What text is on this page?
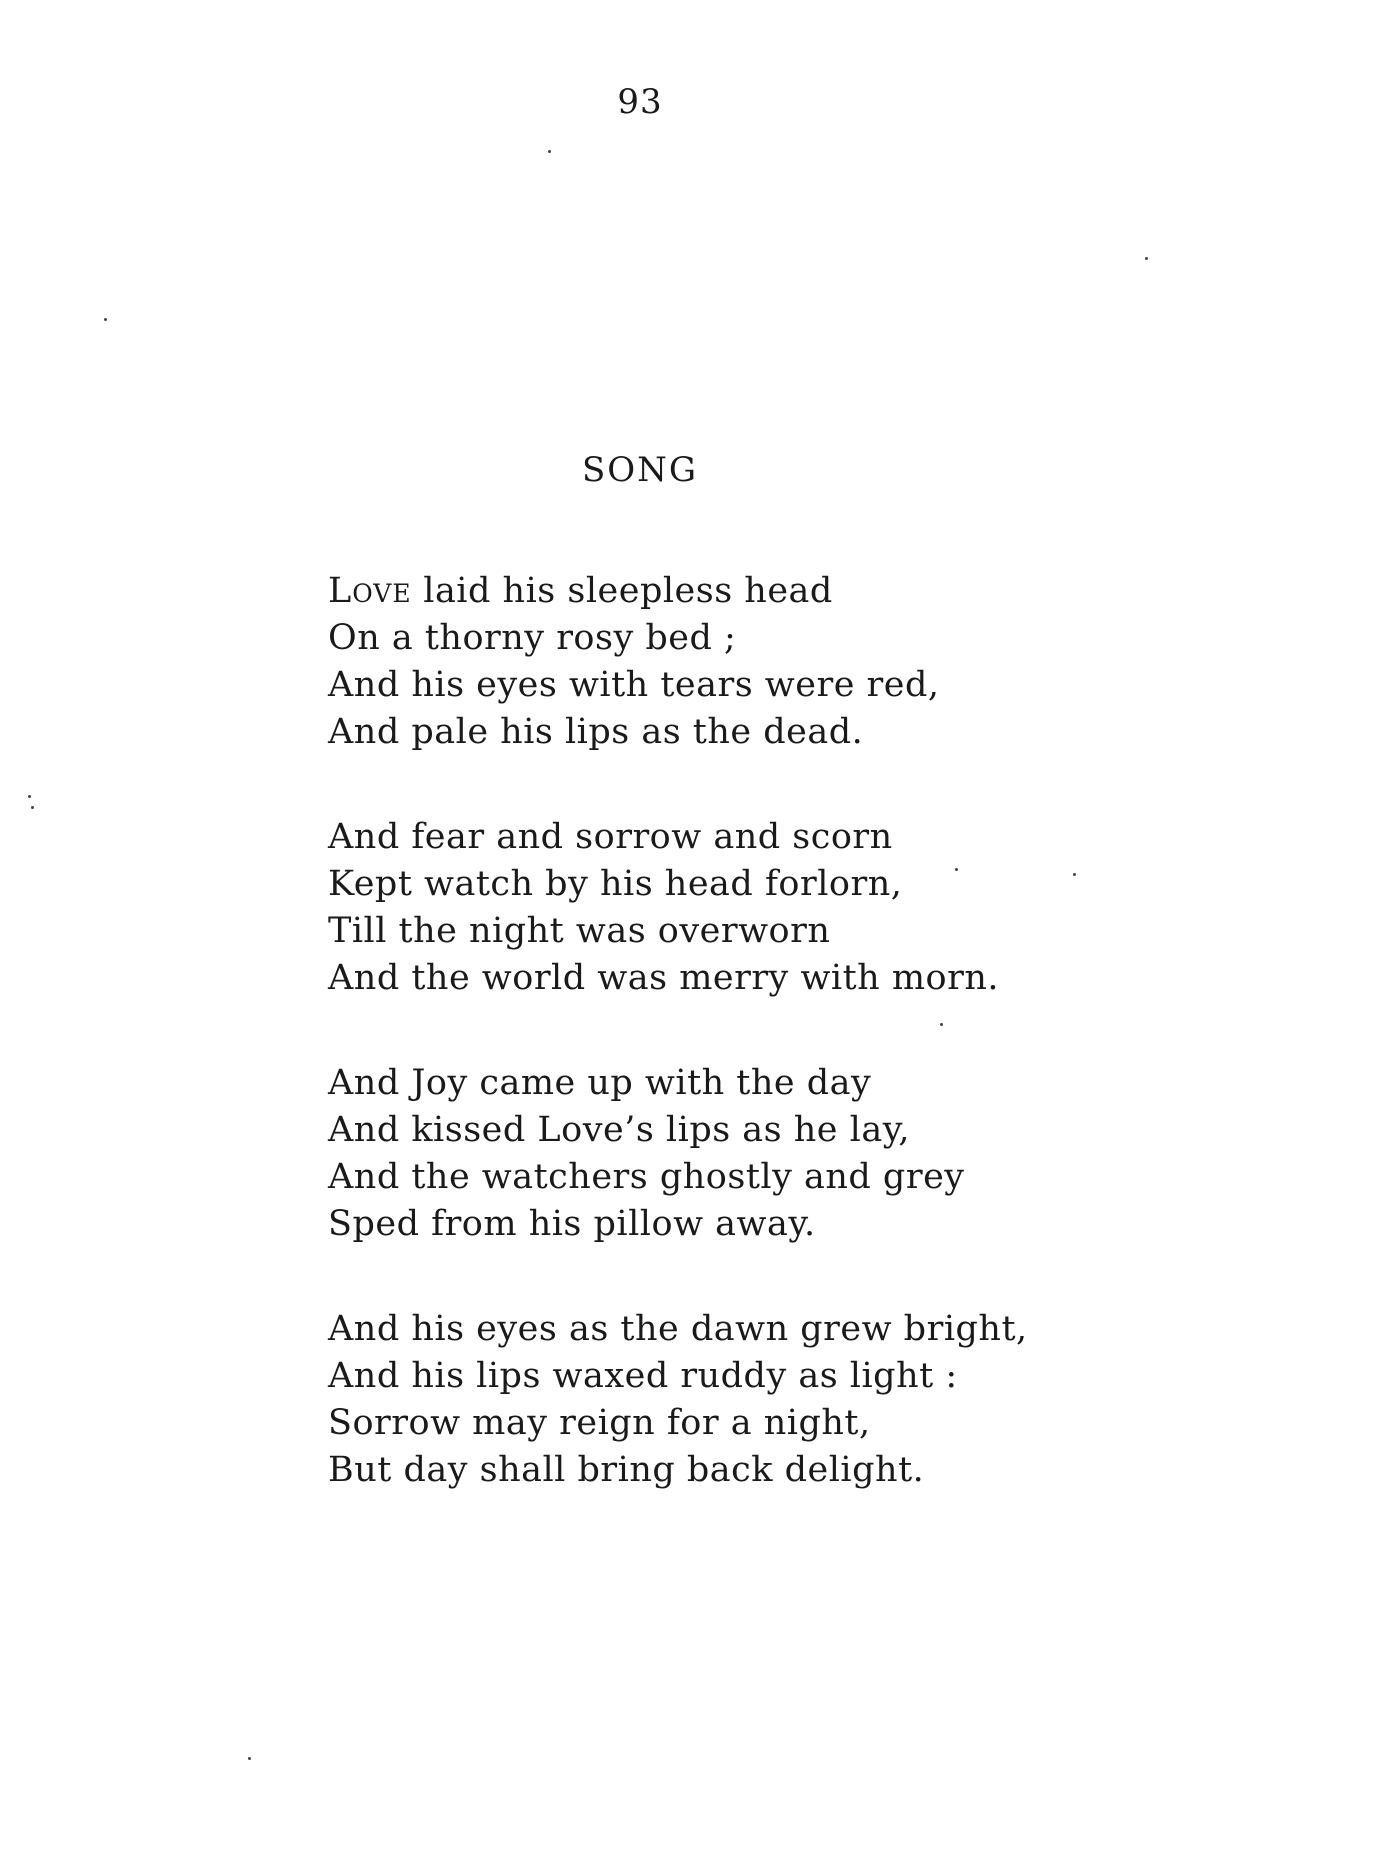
93
SONG
Love laid his sleepless head
On a thorny rosy bed ;
And his eyes with tears were red,
And pale his lips as the dead.
And fear and sorrow and scorn
Kept watch by his head forlorn,
Till the night was overworn
And the world was merry with morn.
And Joy came up with the day
And kissed Love’s lips as he lay,
And the watchers ghostly and grey
Sped from his pillow away.
And his eyes as the dawn grew bright,
And his lips waxed ruddy as light :
Sorrow may reign for a night,
But day shall bring back delight.
